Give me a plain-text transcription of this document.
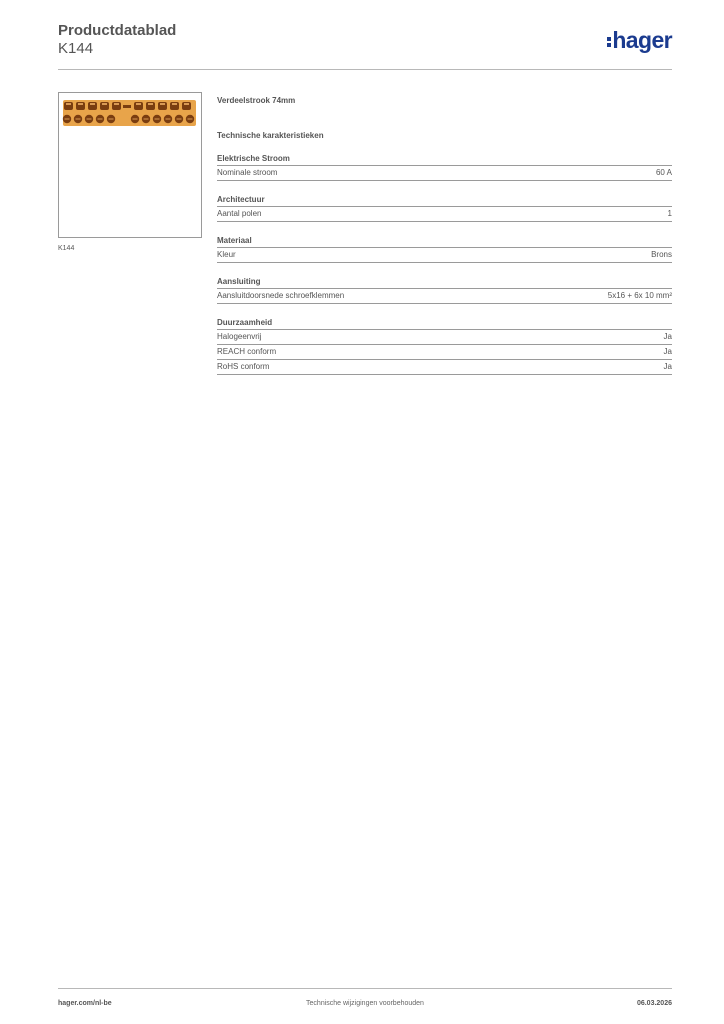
Productdatablad
K144	hager
K144
Verdeelstrook 74mm
Technische karakteristieken
Elektrische Stroom
Nominale stroom	60 A
Architectuur
Aantal polen	1
Materiaal
Kleur	Brons
Aansluiting
Aansluitdoorsnede schroefklemmen	5x16 + 6x 10 mm²
Duurzaamheid
Halogeenvrij	Ja
REACH conform	Ja
RoHS conform	Ja
hager.com/nl-be	Technische wijzigingen voorbehouden	06.03.2026
